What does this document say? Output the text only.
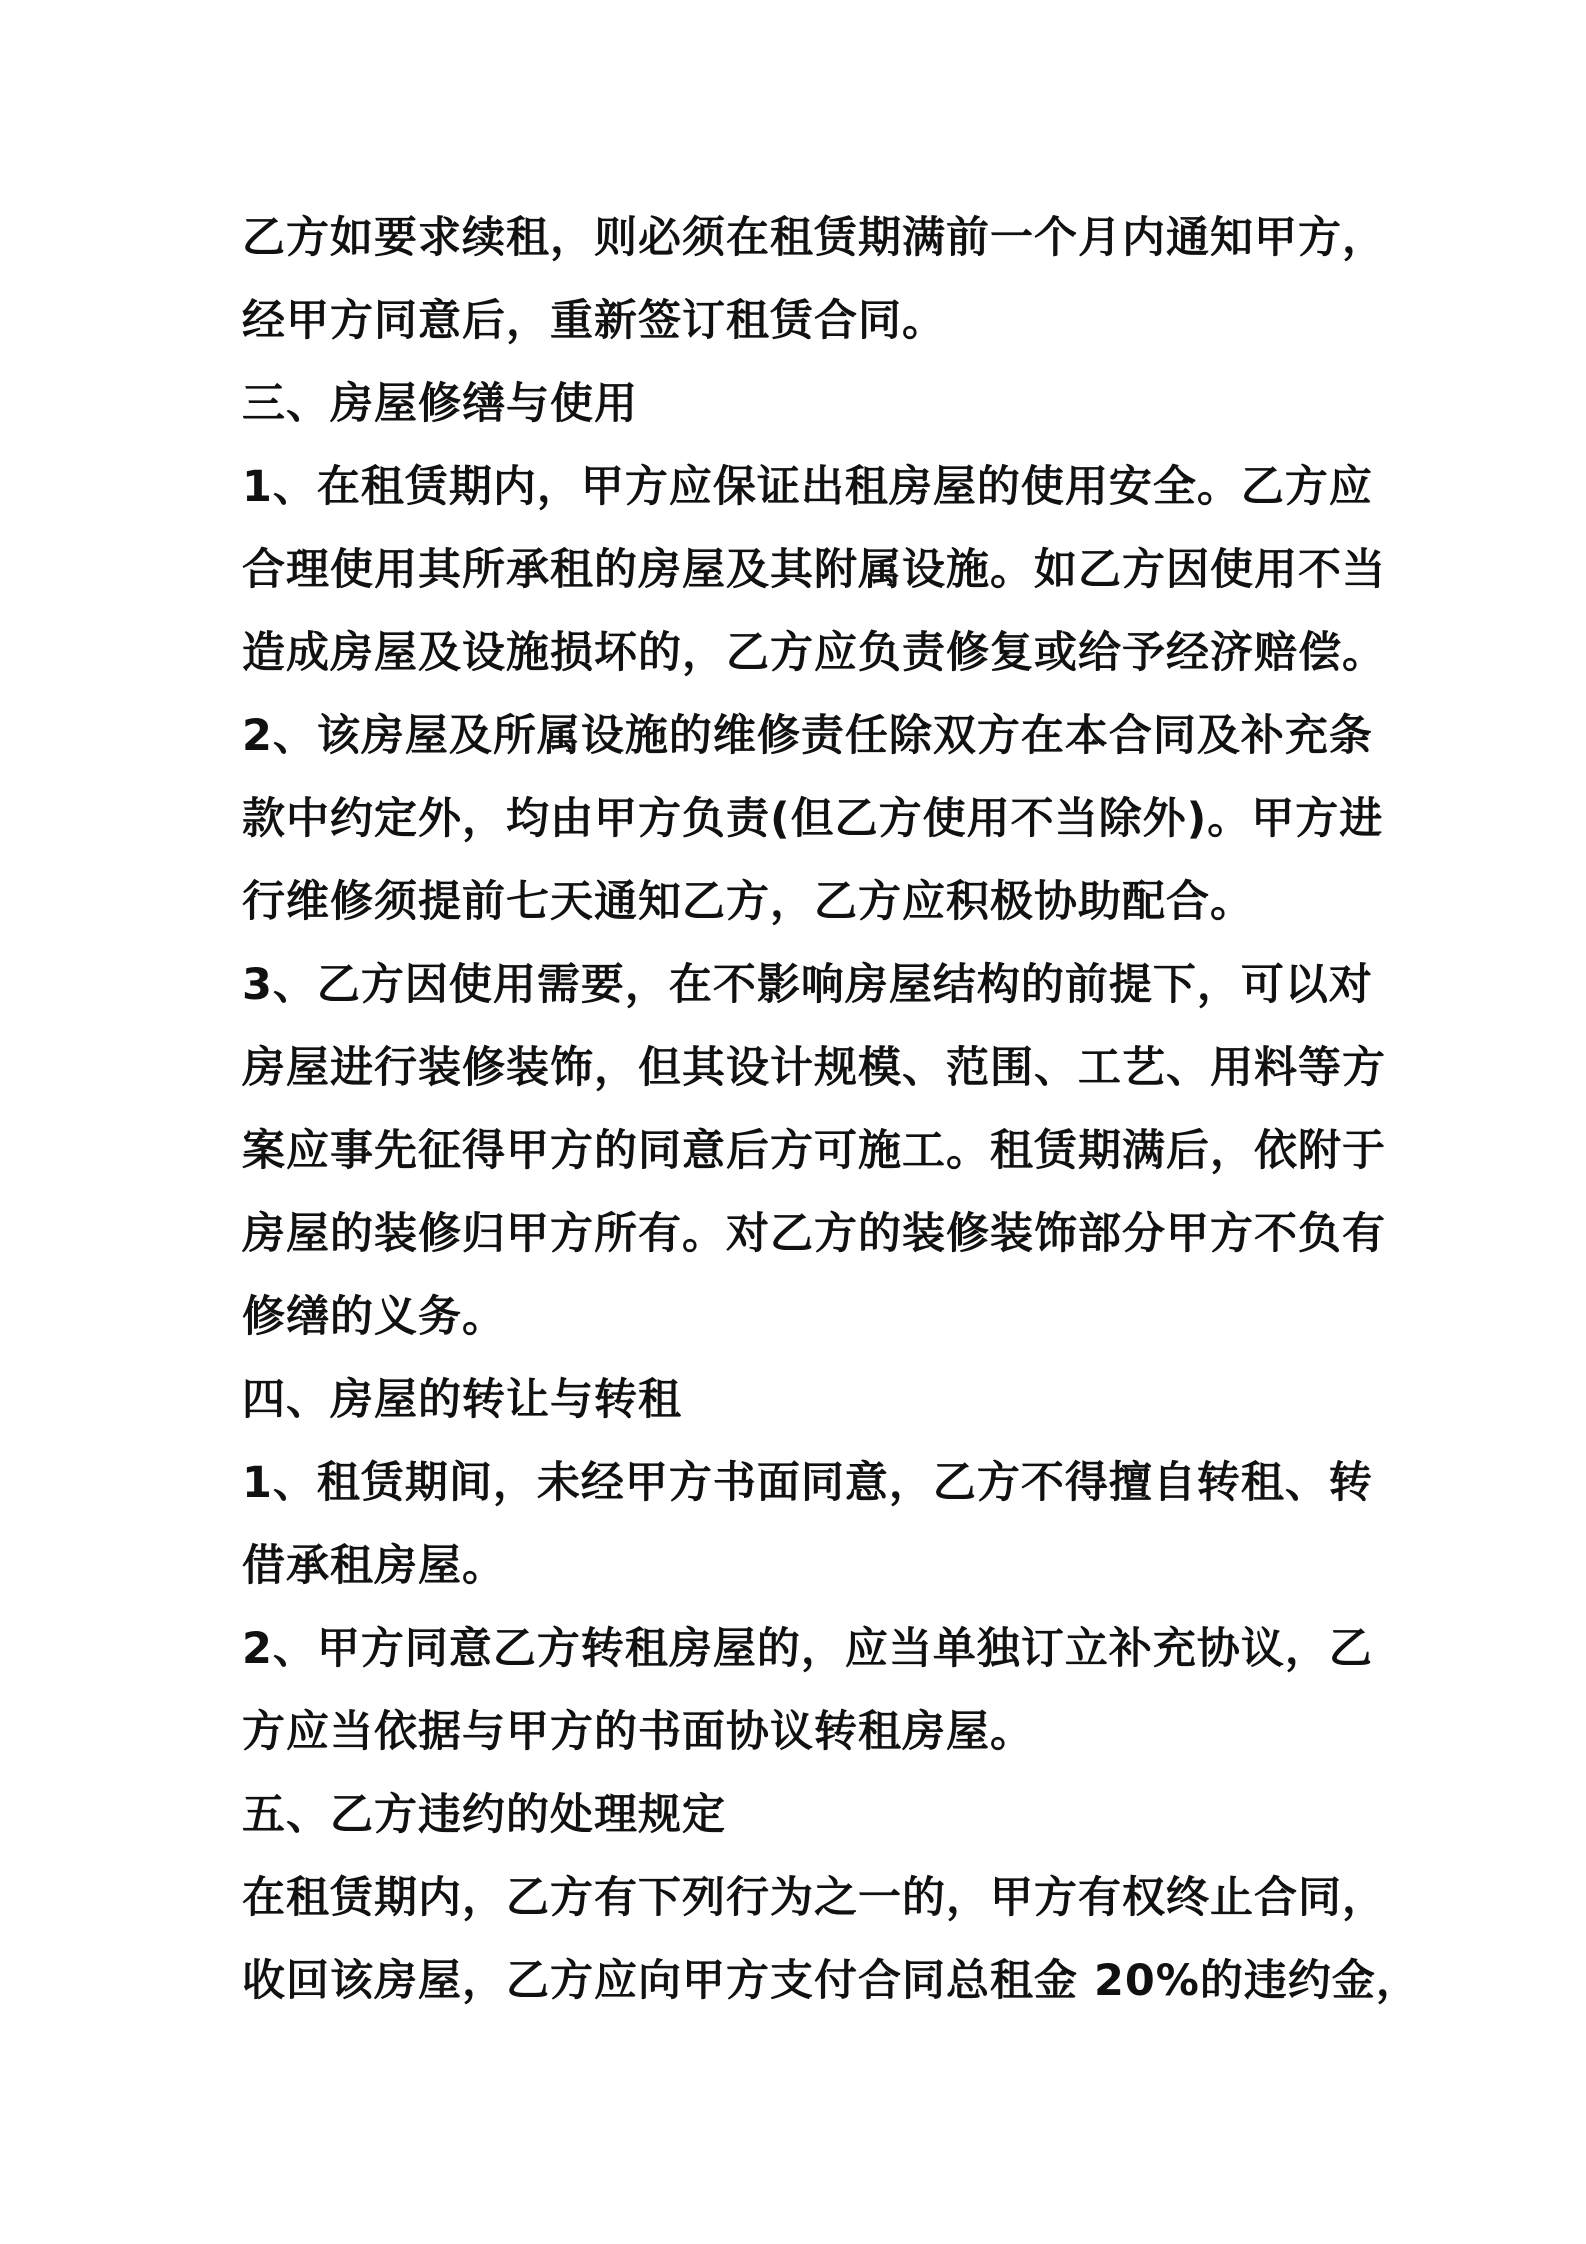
乙方如要求续租，则必须在租赁期满前一个月内通知甲方，
经甲方同意后，重新签订租赁合同。
三、房屋修缮与使用
1、在租赁期内，甲方应保证出租房屋的使用安全。乙方应
合理使用其所承租的房屋及其附属设施。如乙方因使用不当
造成房屋及设施损坏的，乙方应负责修复或给予经济赔偿。
2、该房屋及所属设施的维修责任除双方在本合同及补充条
款中约定外，均由甲方负责(但乙方使用不当除外)。甲方进
行维修须提前七天通知乙方，乙方应积极协助配合。
3、乙方因使用需要，在不影响房屋结构的前提下，可以对
房屋进行装修装饰，但其设计规模、范围、工艺、用料等方
案应事先征得甲方的同意后方可施工。租赁期满后，依附于
房屋的装修归甲方所有。对乙方的装修装饰部分甲方不负有
修缮的义务。
四、房屋的转让与转租
1、租赁期间，未经甲方书面同意，乙方不得擅自转租、转
借承租房屋。
2、甲方同意乙方转租房屋的，应当单独订立补充协议，乙
方应当依据与甲方的书面协议转租房屋。
五、乙方违约的处理规定
在租赁期内，乙方有下列行为之一的，甲方有权终止合同，
收回该房屋，乙方应向甲方支付合同总租金 20%的违约金，
